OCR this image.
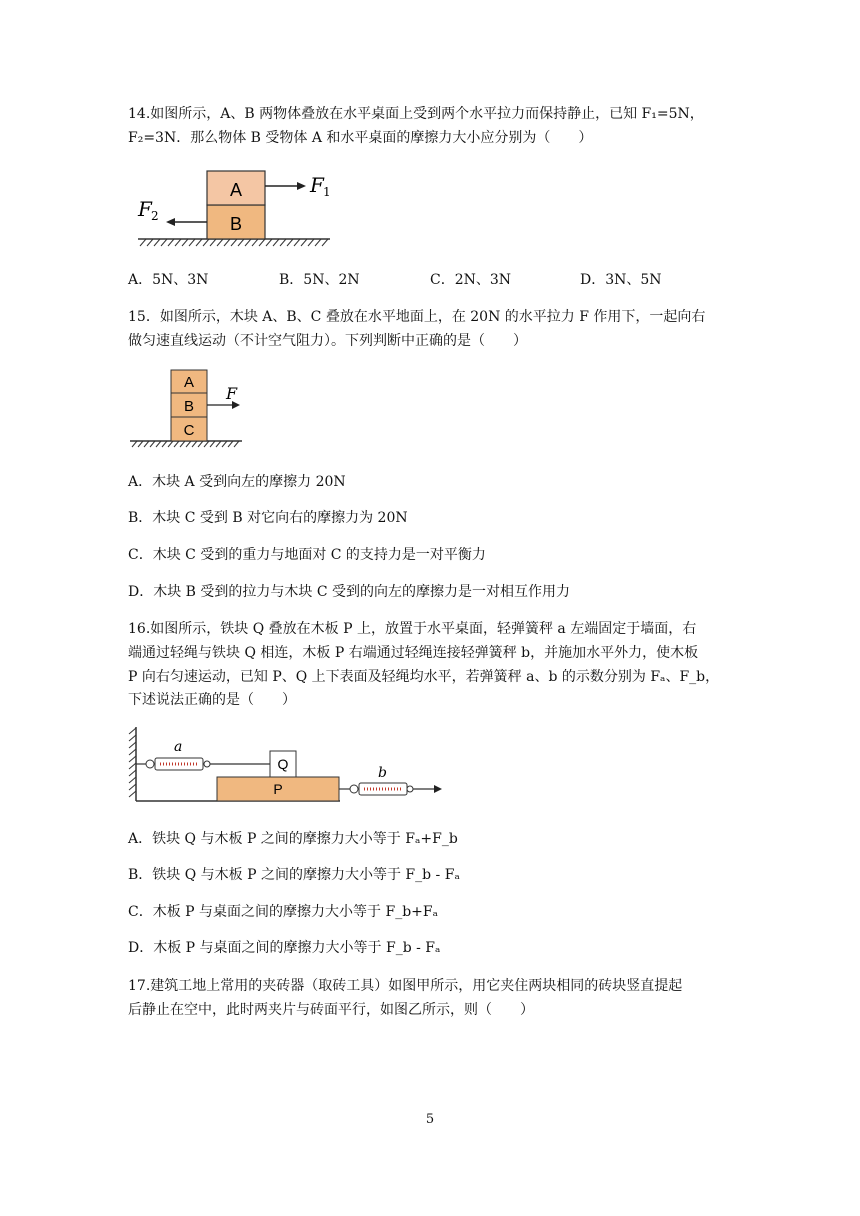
14.如图所示，A、B 两物体叠放在水平桌面上受到两个水平拉力而保持静止，已知 F₁=5N，
F₂=3N．那么物体 B 受物体 A 和水平桌面的摩擦力大小应分别为（　　）
A
B
F 1
F 2
A
B
C
F
a
Q
P
b
A．5N、3N	B．5N、2N	C．2N、3N	D．3N、5N
15．如图所示，木块 A、B、C 叠放在水平地面上，在 20N 的水平拉力 F 作用下，一起向右
做匀速直线运动（不计空气阻力）。下列判断中正确的是（　　）
A．木块 A 受到向左的摩擦力 20N
B．木块 C 受到 B 对它向右的摩擦力为 20N
C．木块 C 受到的重力与地面对 C 的支持力是一对平衡力
D．木块 B 受到的拉力与木块 C 受到的向左的摩擦力是一对相互作用力
16.如图所示，铁块 Q 叠放在木板 P 上，放置于水平桌面，轻弹簧秤 a 左端固定于墙面，右
端通过轻绳与铁块 Q 相连，木板 P 右端通过轻绳连接轻弹簧秤 b，并施加水平外力，使木板
P 向右匀速运动，已知 P、Q 上下表面及轻绳均水平，若弹簧秤 a、b 的示数分别为 Fₐ、F_b，
下述说法正确的是（　　）
A．铁块 Q 与木板 P 之间的摩擦力大小等于 Fₐ+F_b
B．铁块 Q 与木板 P 之间的摩擦力大小等于 F_b - Fₐ
C．木板 P 与桌面之间的摩擦力大小等于 F_b+Fₐ
D．木板 P 与桌面之间的摩擦力大小等于 F_b - Fₐ
17.建筑工地上常用的夹砖器（取砖工具）如图甲所示，用它夹住两块相同的砖块竖直提起
后静止在空中，此时两夹片与砖面平行，如图乙所示，则（　　）
5
